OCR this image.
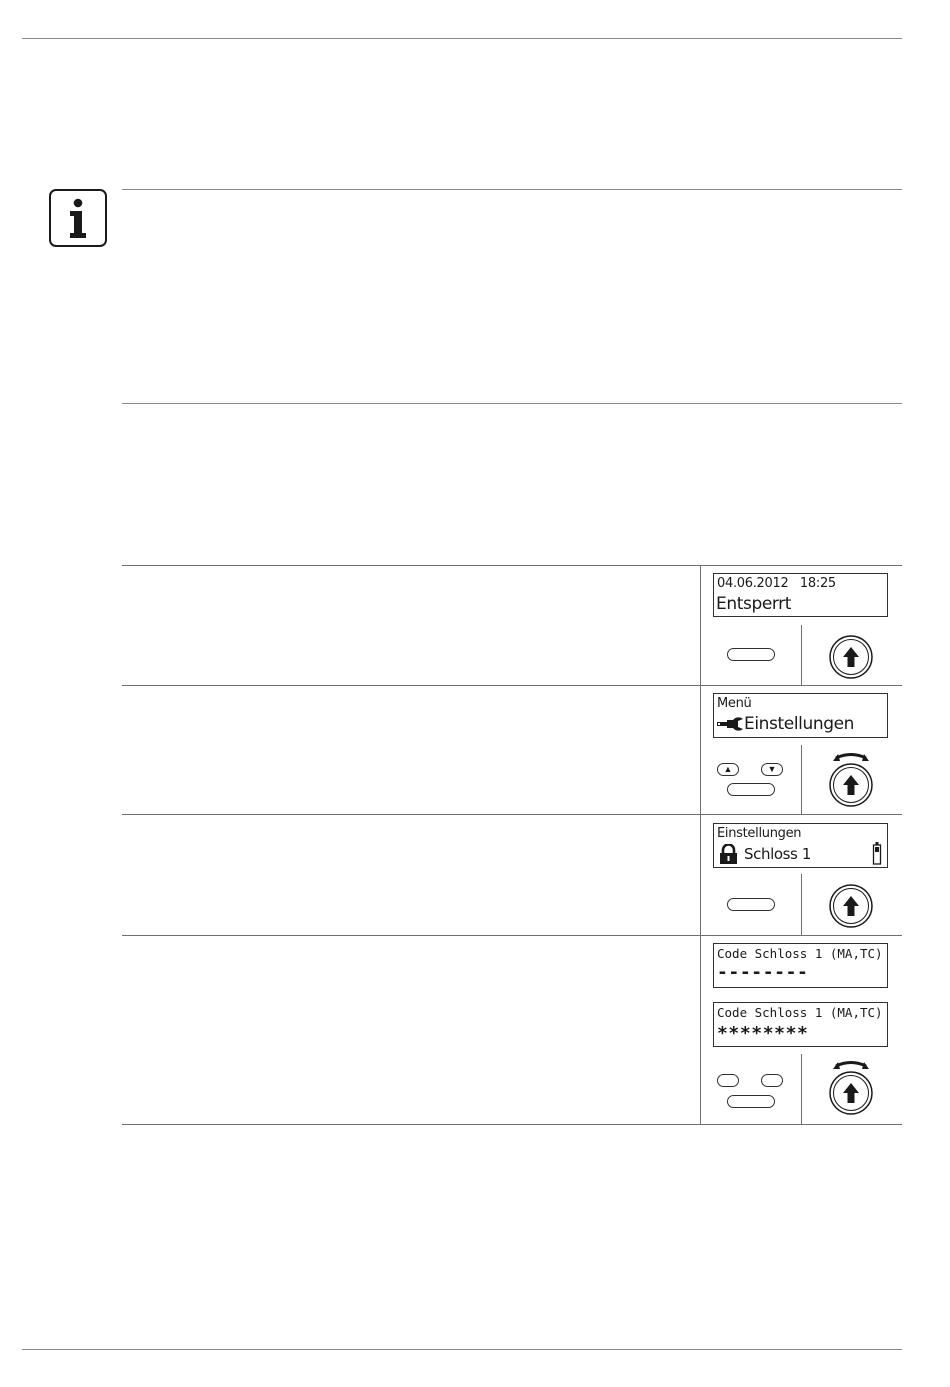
04.06.2012   18:25
Entsperrt
Menü
Einstellungen
▲	▼
Einstellungen
Schloss 1
Code Schloss 1 (MA,TC)
--------
Code Schloss 1 (MA,TC)
********
